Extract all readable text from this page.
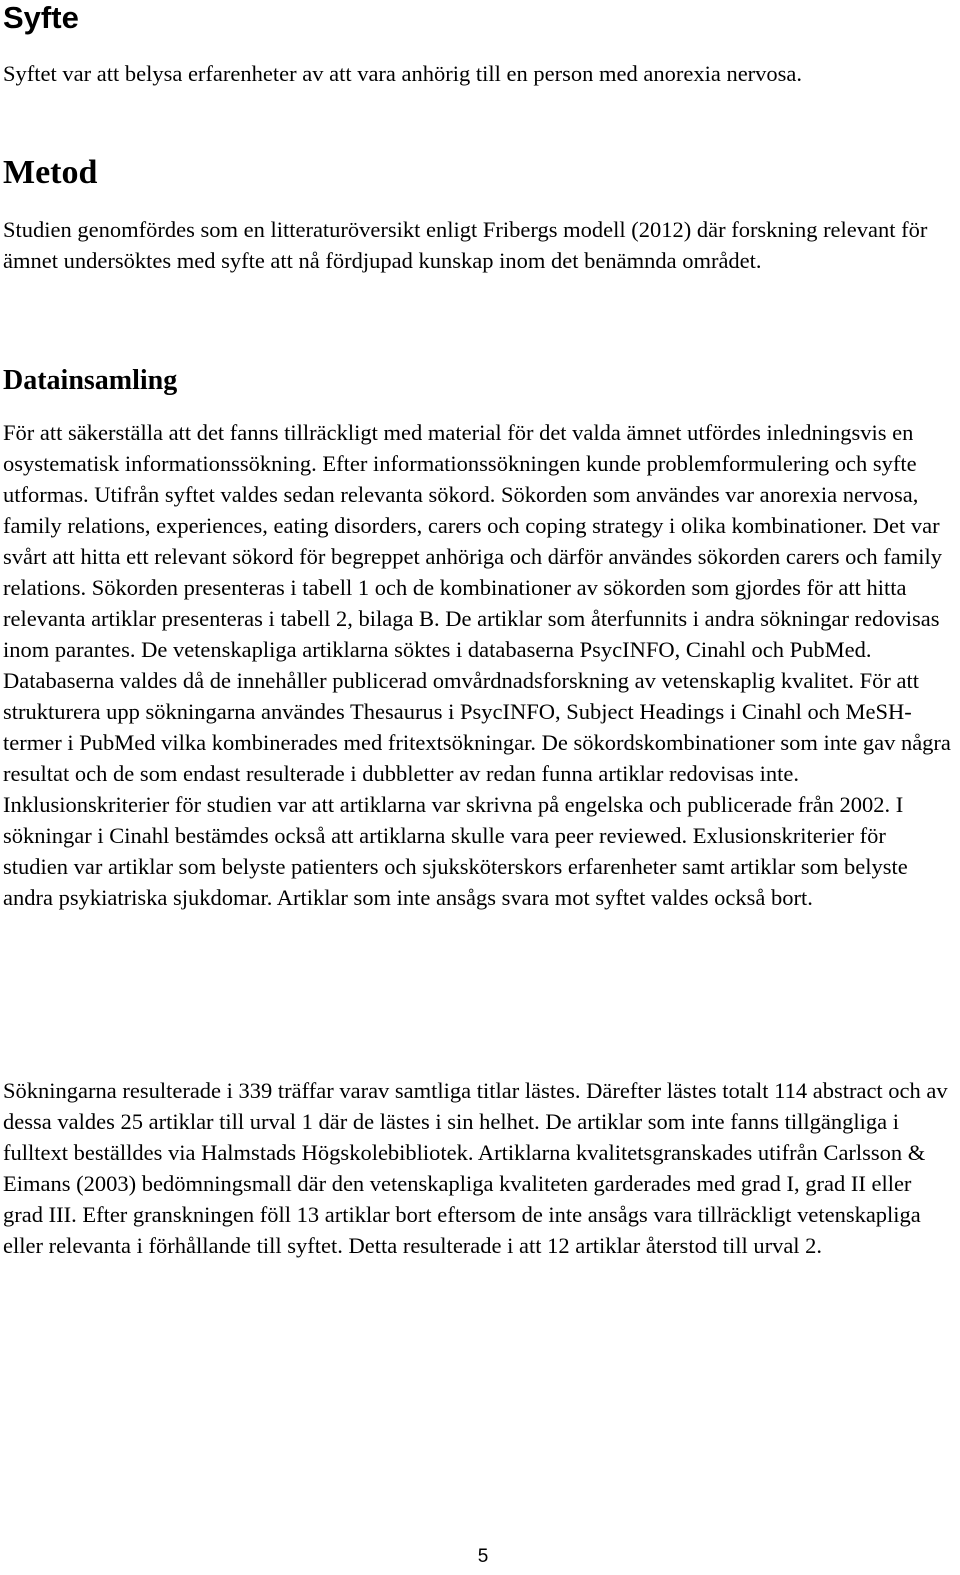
Syfte

Syftet var att belysa erfarenheter av att vara anhörig till en person med anorexia nervosa.

Metod

Studien genomfördes som en litteraturöversikt enligt Fribergs modell (2012) där forskning relevant för ämnet undersöktes med syfte att nå fördjupad kunskap inom det benämnda området.

Datainsamling

För att säkerställa att det fanns tillräckligt med material för det valda ämnet utfördes inledningsvis en osystematisk informationssökning. Efter informationssökningen kunde problemformulering och syfte utformas. Utifrån syftet valdes sedan relevanta sökord. Sökorden som användes var anorexia nervosa, family relations, experiences, eating disorders, carers och coping strategy i olika kombinationer. Det var svårt att hitta ett relevant sökord för begreppet anhöriga och därför användes sökorden carers och family relations. Sökorden presenteras i tabell 1 och de kombinationer av sökorden som gjordes för att hitta relevanta artiklar presenteras i tabell 2, bilaga B. De artiklar som återfunnits i andra sökningar redovisas inom parantes. De vetenskapliga artiklarna söktes i databaserna PsycINFO, Cinahl och PubMed. Databaserna valdes då de innehåller publicerad omvårdnadsforskning av vetenskaplig kvalitet. För att strukturera upp sökningarna användes Thesaurus i PsycINFO, Subject Headings i Cinahl och MeSH-termer i PubMed vilka kombinerades med fritextsökningar. De sökordskombinationer som inte gav några resultat och de som endast resulterade i dubbletter av redan funna artiklar redovisas inte. Inklusionskriterier för studien var att artiklarna var skrivna på engelska och publicerade från 2002. I sökningar i Cinahl bestämdes också att artiklarna skulle vara peer reviewed. Exlusionskriterier för studien var artiklar som belyste patienters och sjuksköterskors erfarenheter samt artiklar som belyste andra psykiatriska sjukdomar. Artiklar som inte ansågs svara mot syftet valdes också bort.

Sökningarna resulterade i 339 träffar varav samtliga titlar lästes. Därefter lästes totalt 114 abstract och av dessa valdes 25 artiklar till urval 1 där de lästes i sin helhet. De artiklar som inte fanns tillgängliga i fulltext beställdes via Halmstads Högskolebibliotek. Artiklarna kvalitetsgranskades utifrån Carlsson & Eimans (2003) bedömningsmall där den vetenskapliga kvaliteten garderades med grad I, grad II eller grad III. Efter granskningen föll 13 artiklar bort eftersom de inte ansågs vara tillräckligt vetenskapliga eller relevanta i förhållande till syftet. Detta resulterade i att 12 artiklar återstod till urval 2.

5
